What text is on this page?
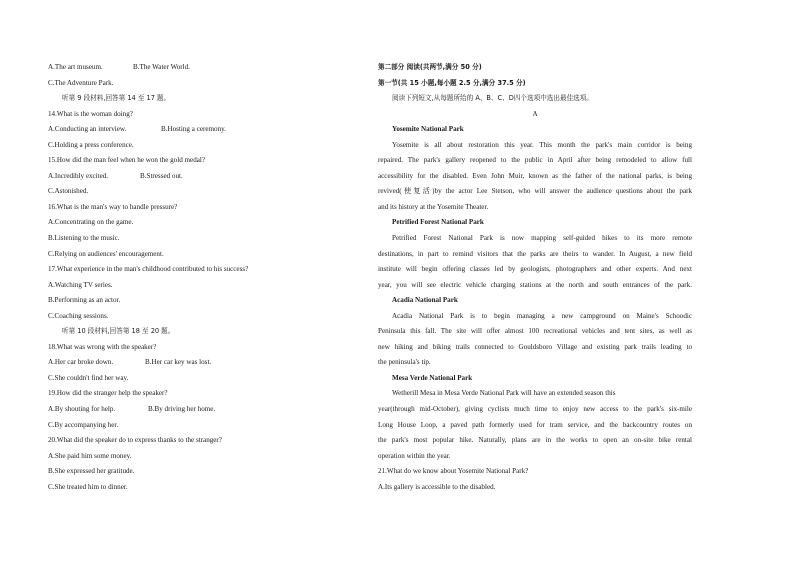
A.The art museum.	B.The Water World.
C.The Adventure Park.
听第 9 段材料,回答第 14 至 17 题。
14.What is the woman doing?
A.Conducting an interview.	B.Hosting a ceremony.
C.Holding a press conference.
15.How did the man feel when he won the gold medal?
A.Incredibly excited.	B.Stressed out.
C.Astonished.
16.What is the man's way to handle pressure?
A.Concentrating on the game.
B.Listening to the music.
C.Relying on audiences' encouragement.
17.What experience in the man's childhood contributed to his success?
A.Watching TV series.
B.Performing as an actor.
C.Coaching sessions.
听第 10 段材料,回答第 18 至 20 题。
18.What was wrong with the speaker?
A.Her car broke down.	B.Her car key was lost.
C.She couldn't find her way.
19.How did the stranger help the speaker?
A.By shouting for help.	B.By driving her home.
C.By accompanying her.
20.What did the speaker do to express thanks to the stranger?
A.She paid him some money.
B.She expressed her gratitude.
C.She treated him to dinner.
第二部分 阅读(共两节,满分 50 分)
第一节(共 15 小题,每小题 2.5 分,满分 37.5 分)
阅读下列短文,从每题所给的 A、B、C、D四个选项中选出最佳选项。
A
Yosemite National Park
Yosemite is all about restoration this year. This month the park's main corridor is being
repaired. The park's gallery reopened to the public in April after being remodeled to allow full
accessibility for the disabled. Even John Muir, known as the father of the national parks, is being
revived(使复活)by the actor Lee Stetson, who will answer the audience questions about the park
and its history at the Yosemite Theater.
Petrified Forest National Park
Petrified Forest National Park is now mapping self-guided hikes to its more remote
destinations, in part to remind visitors that the parks are theirs to wander. In August, a new field
institute will begin offering classes led by geologists, photographers and other experts. And next
year, you will see electric vehicle charging stations at the north and south entrances of the park.
Acadia National Park
Acadia National Park is to begin managing a new campground on Maine's Schoodic
Peninsula this fall. The site will offer almost 100 recreational vehicles and tent sites, as well as
new hiking and biking trails connected to Gouldsboro Village and existing park trails leading to
the peninsula's tip.
Mesa Verde National Park
Wetherill Mesa in Mesa Verde National Park will have an extended season this
year(through mid-October), giving cyclists much time to enjoy new access to the park's six-mile
Long House Loop, a paved path formerly used for tram service, and the backcountry routes on
the park's most popular hike. Naturally, plans are in the works to open an on-site bike rental
operation within the year.
21.What do we know about Yosemite National Park?
A.Its gallery is accessible to the disabled.
